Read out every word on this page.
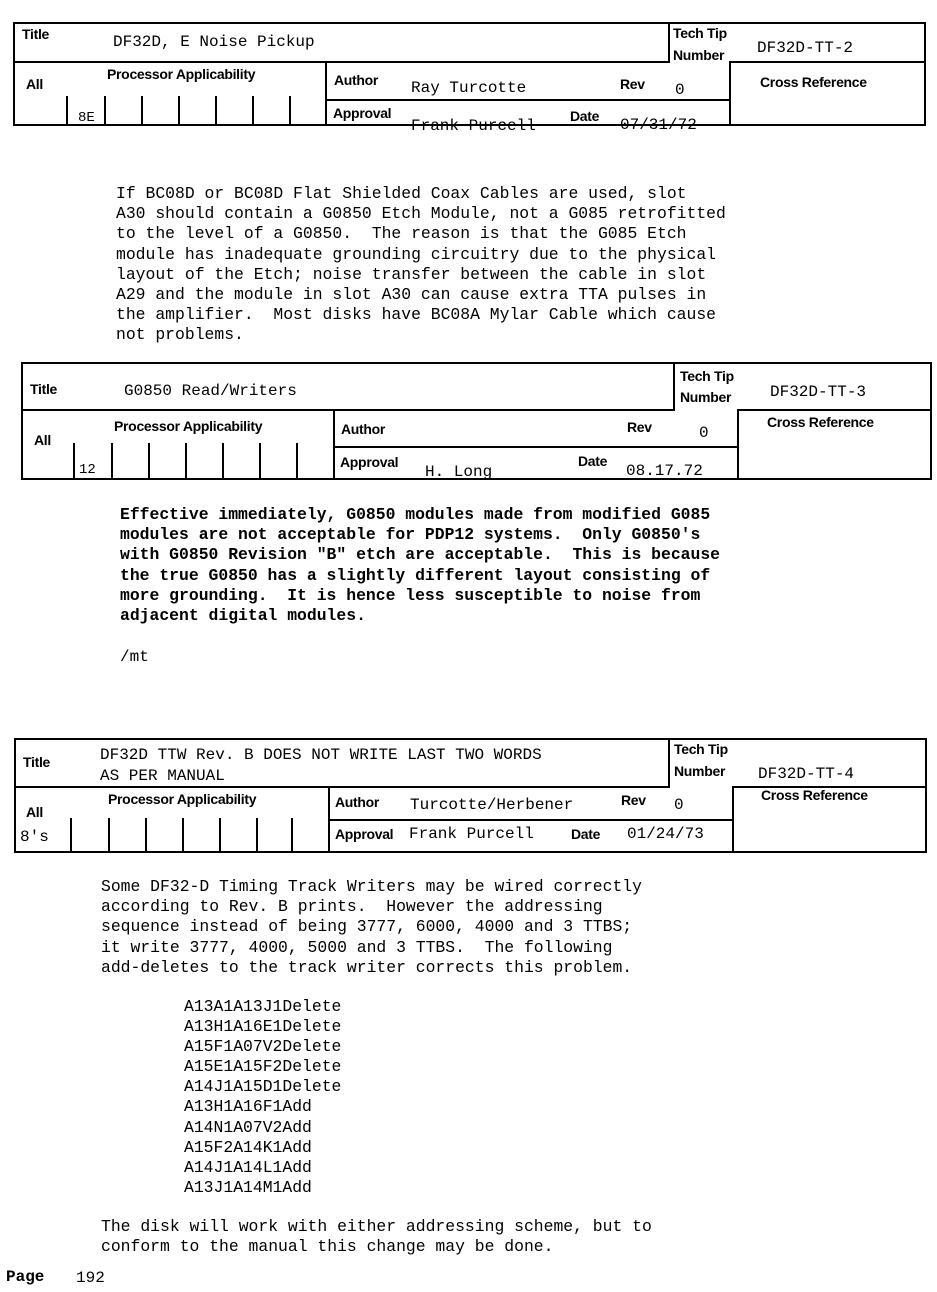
Title	DF32D, E Noise Pickup	Tech Tip
Number DF32D-TT-2
Processor Applicability
All
8E
Author Ray Turcotte	Rev 0
Approval
Frank Purcell
Date 07/31/72
Cross Reference
If BC08D or BC08D Flat Shielded Coax Cables are used, slot
A30 should contain a G0850 Etch Module, not a G085 retrofitted
to the level of a G0850.  The reason is that the G085 Etch
module has inadequate grounding circuitry due to the physical
layout of the Etch; noise transfer between the cable in slot
A29 and the module in slot A30 can cause extra TTA pulses in
the amplifier.  Most disks have BC08A Mylar Cable which cause
not problems.
Title	G0850 Read/Writers
Tech Tip
Number DF32D-TT-3
Processor Applicability
All
12
Author	Rev	0
Approval
H. Long
Date
08.17.72
Cross Reference
Effective immediately, G0850 modules made from modified G085
modules are not acceptable for PDP12 systems.  Only G0850's
with G0850 Revision "B" etch are acceptable.  This is because
the true G0850 has a slightly different layout consisting of
more grounding.  It is hence less susceptible to noise from
adjacent digital modules.
/mt
Title	DF32D TTW Rev. B DOES NOT WRITE LAST TWO WORDS
AS PER MANUAL
Tech Tip
Number DF32D-TT-4
Processor Applicability
All
8's
Author Turcotte/Herbener	Rev 0
Approval Frank Purcell	Date 01/24/73
Cross Reference
Some DF32-D Timing Track Writers may be wired correctly
according to Rev. B prints.  However the addressing
sequence instead of being 3777, 6000, 4000 and 3 TTBS;
it write 3777, 4000, 5000 and 3 TTBS.  The following
add-deletes to the track writer corrects this problem.
A13A1	A13J1	Delete
A13H1	A16E1	Delete
A15F1	A07V2	Delete
A15E1	A15F2	Delete
A14J1	A15D1	Delete
A13H1	A16F1	Add
A14N1	A07V2	Add
A15F2	A14K1	Add
A14J1	A14L1	Add
A13J1	A14M1	Add
The disk will work with either addressing scheme, but to
conform to the manual this change may be done.
Page 192
